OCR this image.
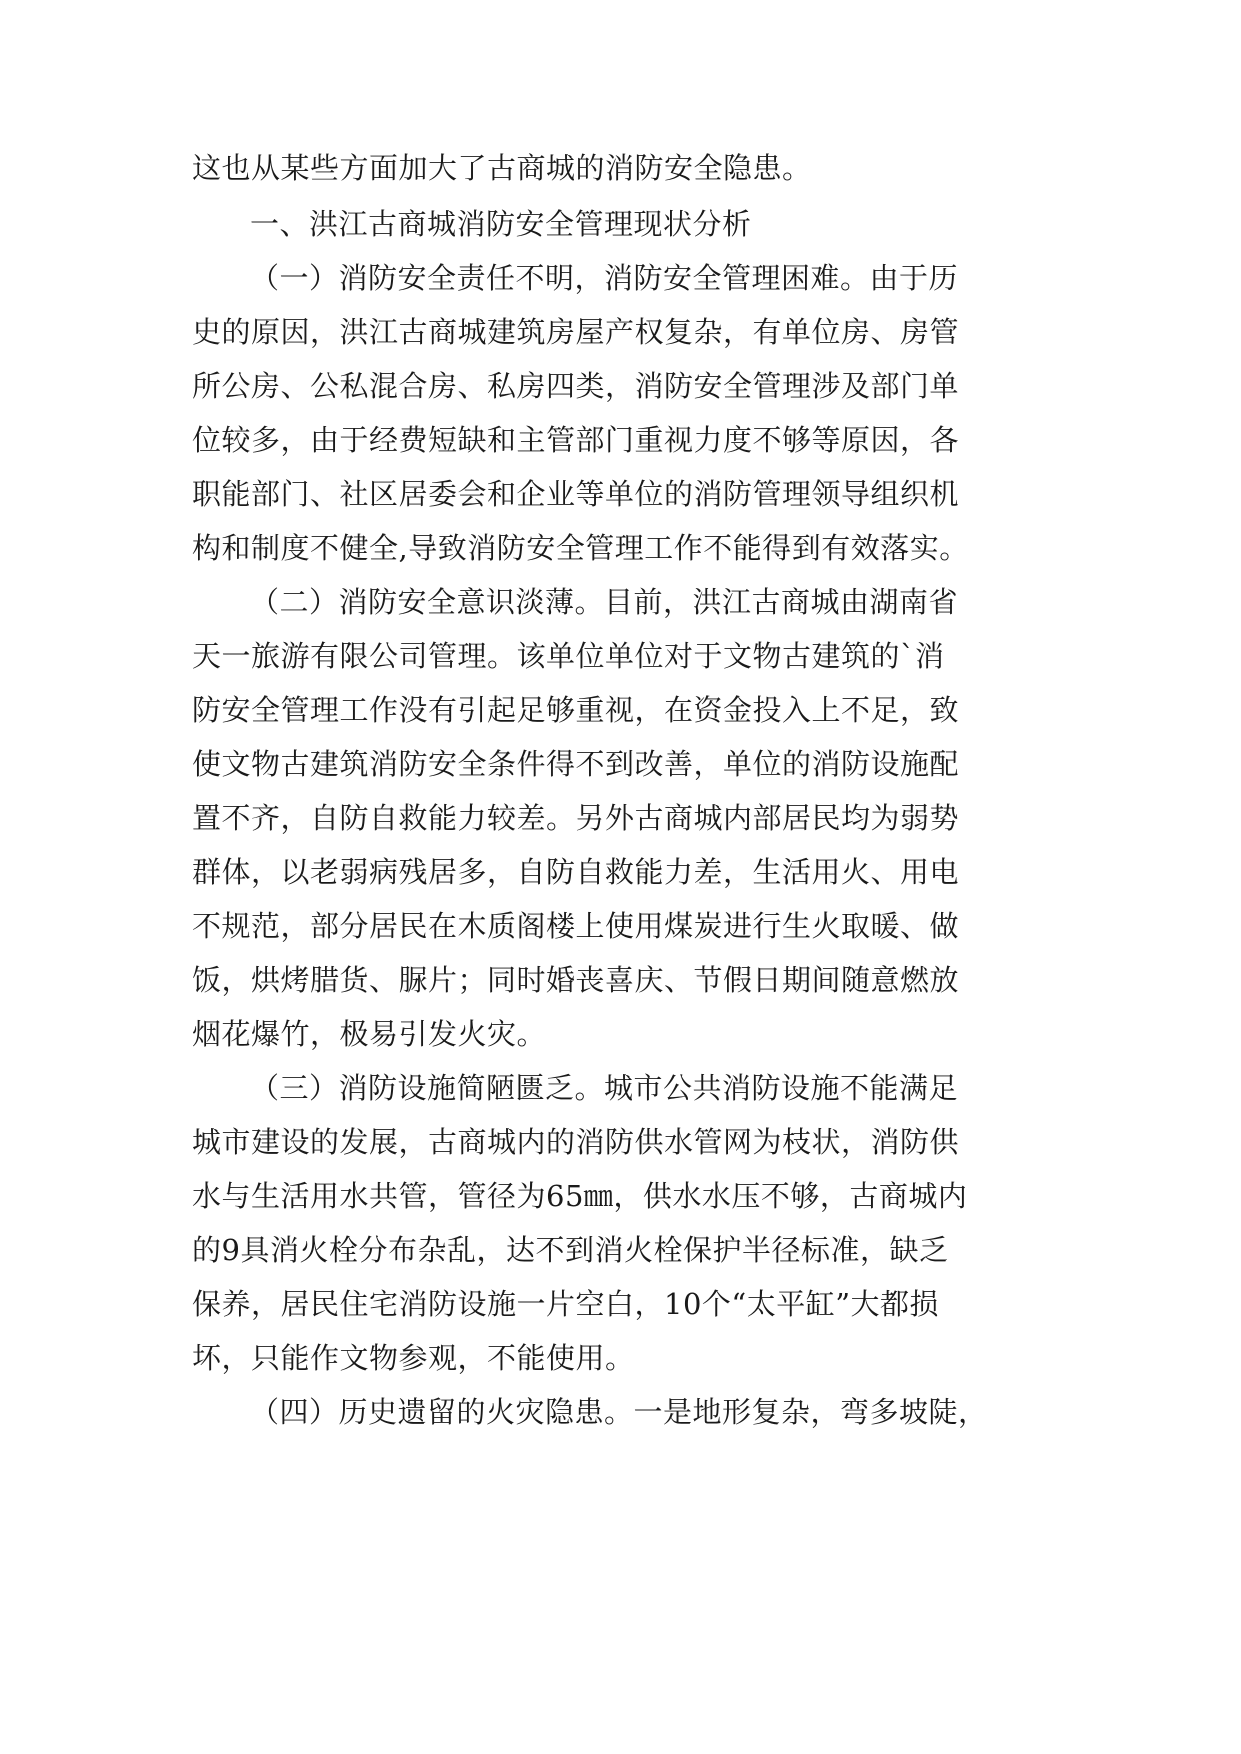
这也从某些方面加大了古商城的消防安全隐患。
一、洪江古商城消防安全管理现状分析
（一）消防安全责任不明，消防安全管理困难。由于历
史的原因，洪江古商城建筑房屋产权复杂，有单位房、房管
所公房、公私混合房、私房四类，消防安全管理涉及部门单
位较多，由于经费短缺和主管部门重视力度不够等原因，各
职能部门、社区居委会和企业等单位的消防管理领导组织机
构和制度不健全,导致消防安全管理工作不能得到有效落实。
（二）消防安全意识淡薄。目前，洪江古商城由湖南省
天一旅游有限公司管理。该单位单位对于文物古建筑的`消
防安全管理工作没有引起足够重视，在资金投入上不足，致
使文物古建筑消防安全条件得不到改善，单位的消防设施配
置不齐，自防自救能力较差。另外古商城内部居民均为弱势
群体，以老弱病残居多，自防自救能力差，生活用火、用电
不规范，部分居民在木质阁楼上使用煤炭进行生火取暖、做
饭，烘烤腊货、脲片；同时婚丧喜庆、节假日期间随意燃放
烟花爆竹，极易引发火灾。
（三）消防设施简陋匮乏。城市公共消防设施不能满足
城市建设的发展，古商城内的消防供水管网为枝状，消防供
水与生活用水共管，管径为65㎜，供水水压不够，古商城内
的9具消火栓分布杂乱，达不到消火栓保护半径标准，缺乏
保养，居民住宅消防设施一片空白，10个“太平缸”大都损
坏，只能作文物参观，不能使用。
（四）历史遗留的火灾隐患。一是地形复杂，弯多坡陡，
